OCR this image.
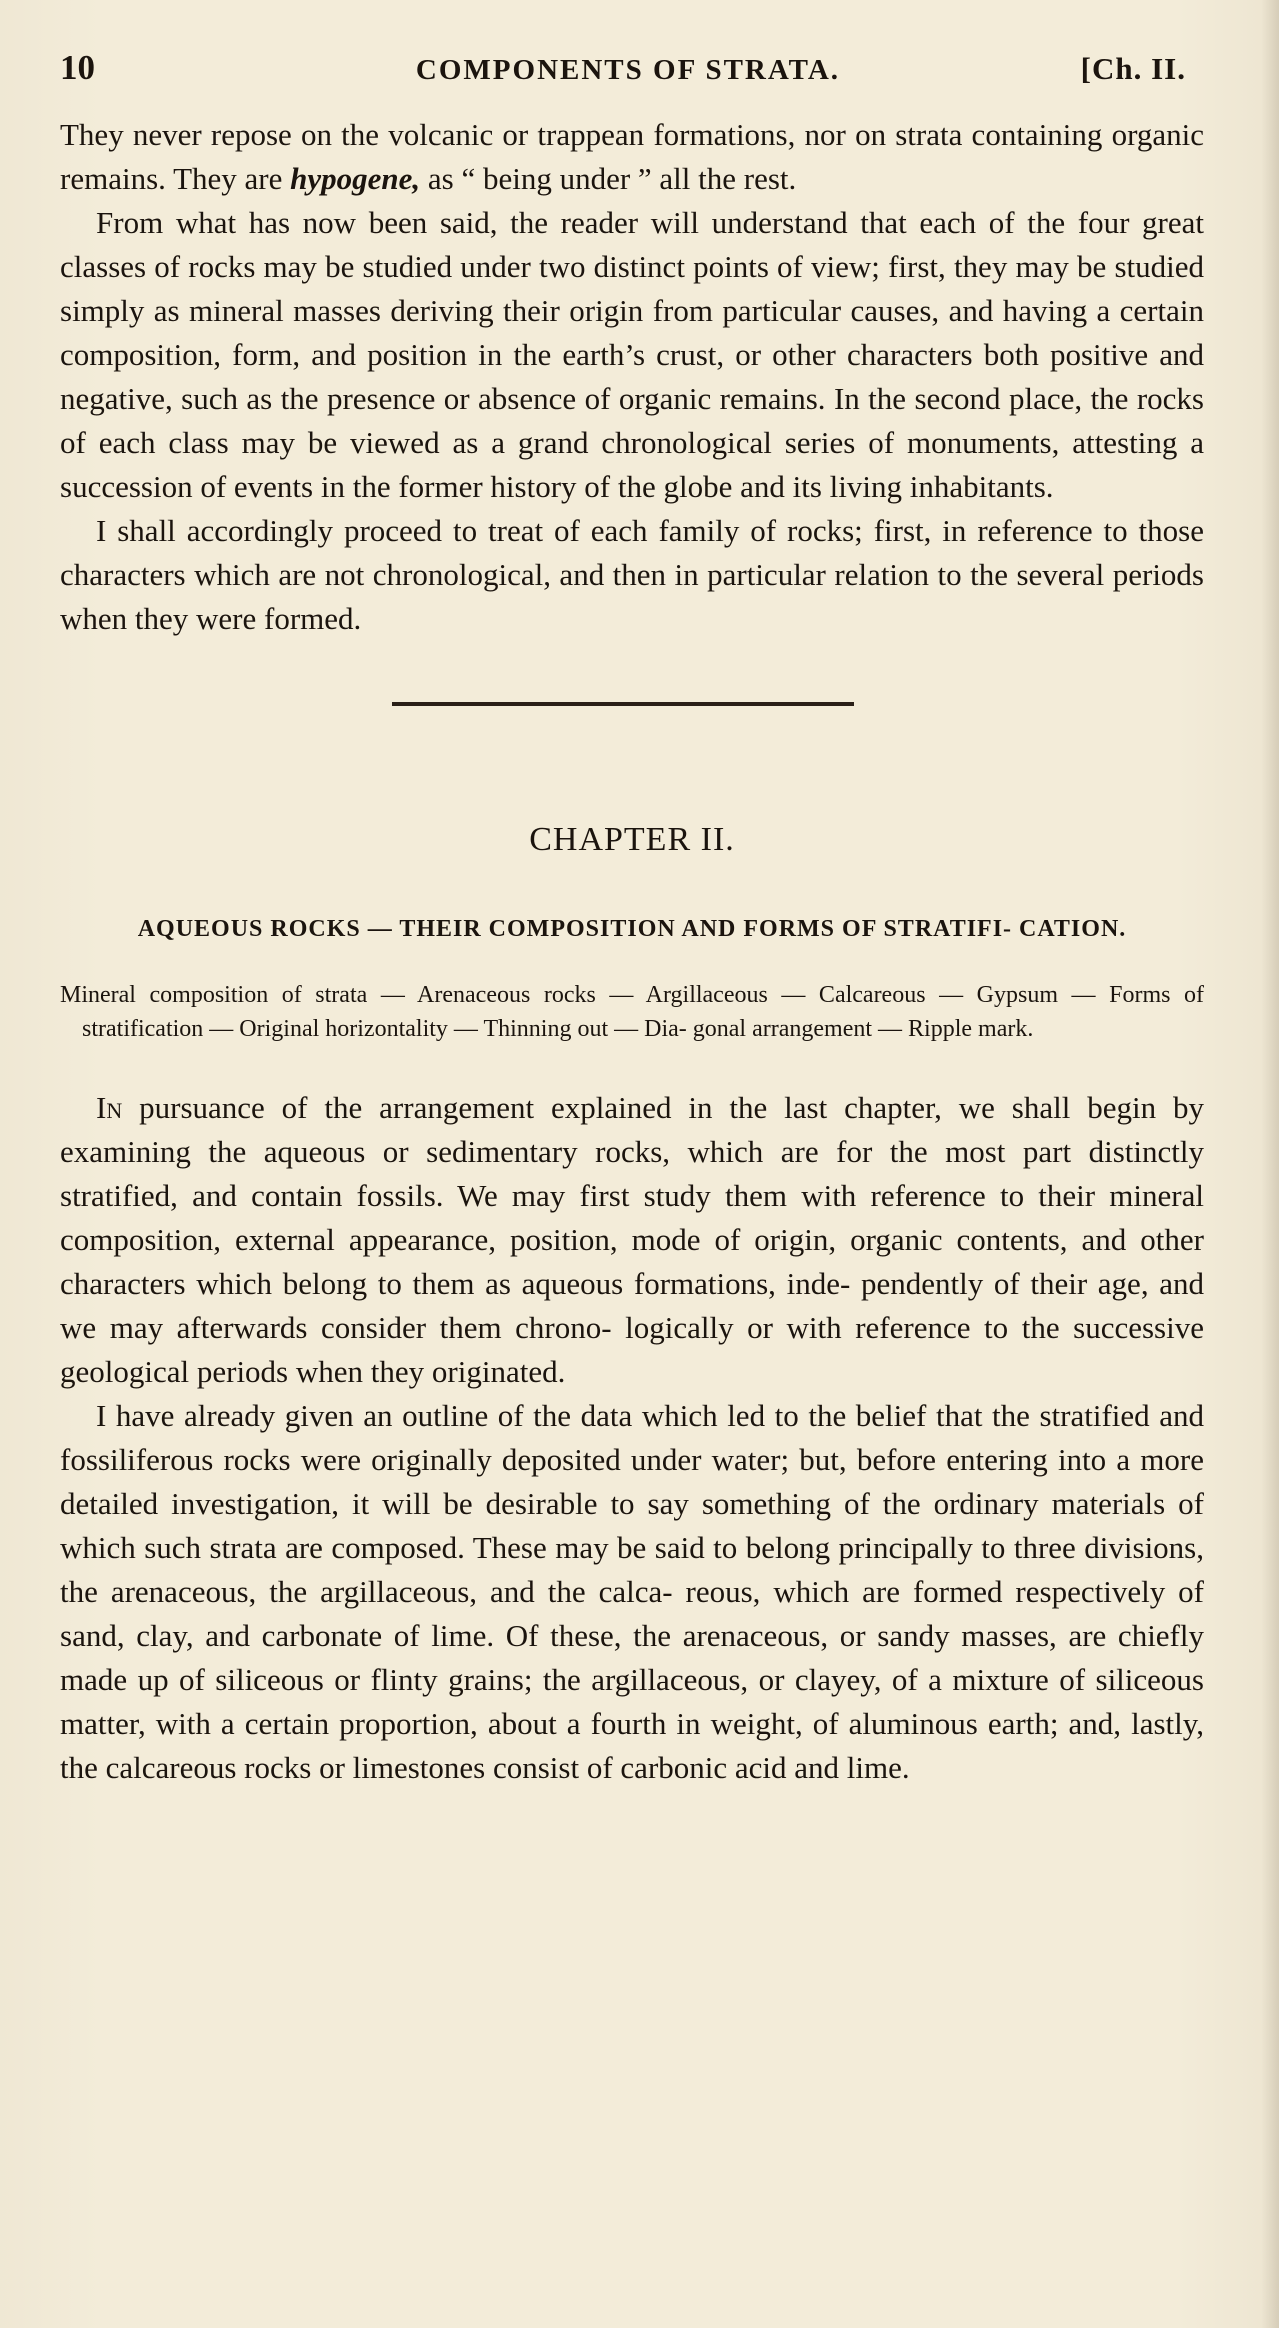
10	COMPONENTS OF STRATA.	[Ch. II.

They never repose on the volcanic or trappean formations, nor on strata containing organic remains. They are hypogene, as “ being under ” all the rest.

From what has now been said, the reader will understand that each of the four great classes of rocks may be studied under two distinct points of view; first, they may be studied simply as mineral masses deriving their origin from particular causes, and having a certain composition, form, and position in the earth’s crust, or other characters both positive and negative, such as the presence or absence of organic remains. In the second place, the rocks of each class may be viewed as a grand chronological series of monuments, attesting a succession of events in the former history of the globe and its living inhabitants.

I shall accordingly proceed to treat of each family of rocks; first, in reference to those characters which are not chronological, and then in particular relation to the several periods when they were formed.

CHAPTER II.

AQUEOUS ROCKS — THEIR COMPOSITION AND FORMS OF STRATIFI- CATION.

Mineral composition of strata — Arenaceous rocks — Argillaceous — Calcareous — Gypsum — Forms of stratification — Original horizontality — Thinning out — Dia- gonal arrangement — Ripple mark.

In pursuance of the arrangement explained in the last chapter, we shall begin by examining the aqueous or sedimentary rocks, which are for the most part distinctly stratified, and contain fossils. We may first study them with reference to their mineral composition, external appearance, position, mode of origin, organic contents, and other characters which belong to them as aqueous formations, inde- pendently of their age, and we may afterwards consider them chrono- logically or with reference to the successive geological periods when they originated.

I have already given an outline of the data which led to the belief that the stratified and fossiliferous rocks were originally deposited under water; but, before entering into a more detailed investigation, it will be desirable to say something of the ordinary materials of which such strata are composed. These may be said to belong principally to three divisions, the arenaceous, the argillaceous, and the calca- reous, which are formed respectively of sand, clay, and carbonate of lime. Of these, the arenaceous, or sandy masses, are chiefly made up of siliceous or flinty grains; the argillaceous, or clayey, of a mixture of siliceous matter, with a certain proportion, about a fourth in weight, of aluminous earth; and, lastly, the calcareous rocks or limestones consist of carbonic acid and lime.
